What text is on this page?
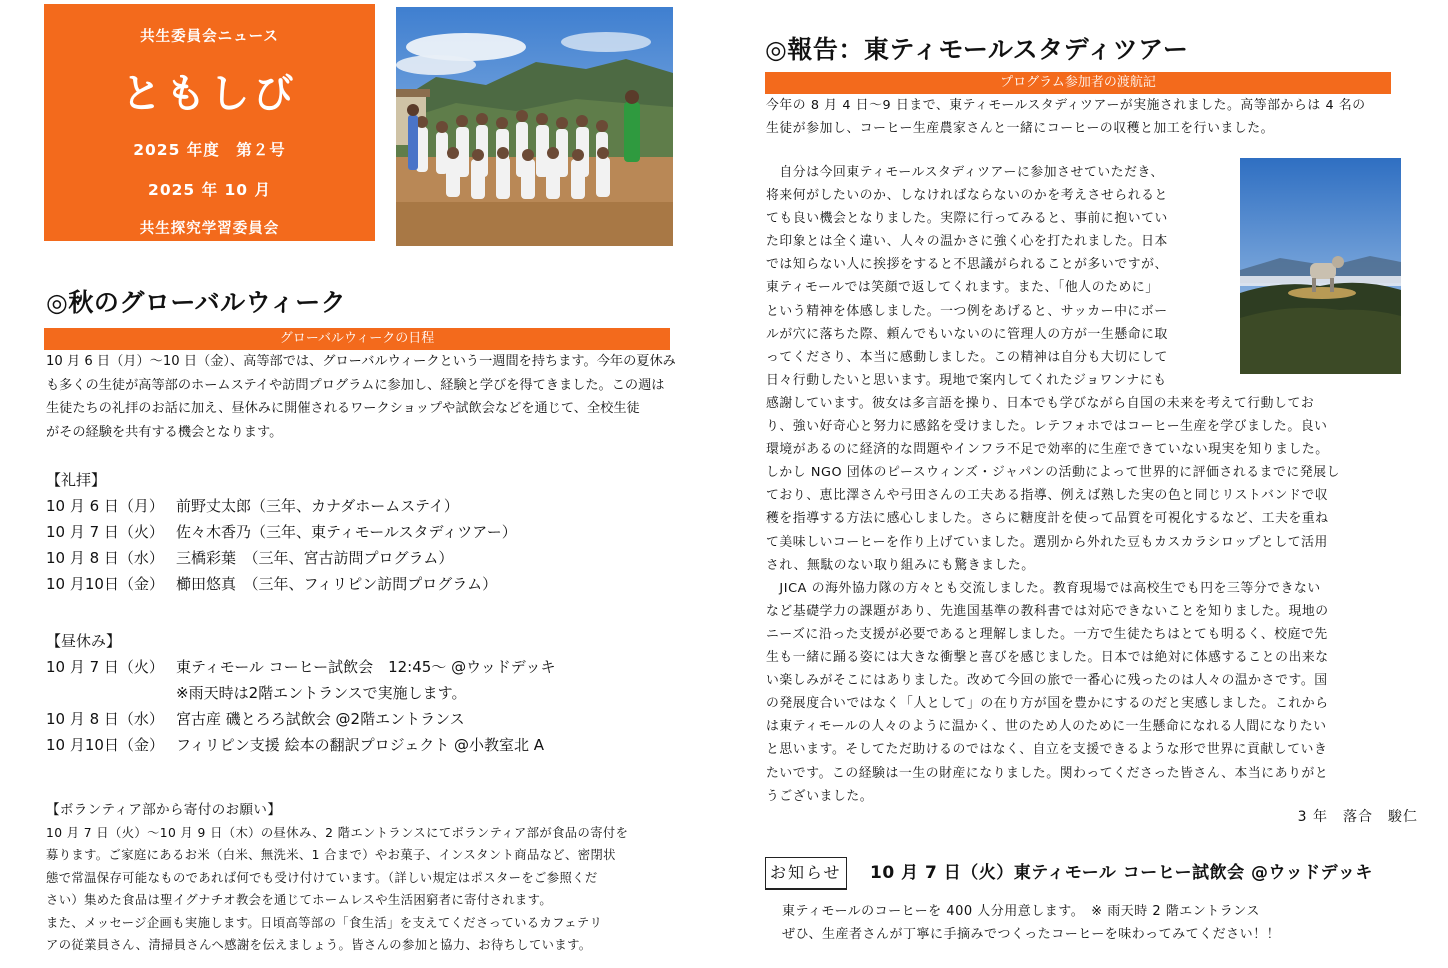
共生委員会ニュース
ともしび
2025 年度　第２号
2025 年 10 月
共生探究学習委員会
◎秋のグローバルウィーク
グローバルウィークの日程
10 月 6 日（月）～10 日（金）、高等部では、グローバルウィークという一週間を持ちます。今年の夏休み
も多くの生徒が高等部のホームステイや訪問プログラムに参加し、経験と学びを得てきました。この週は
生徒たちの礼拝のお話に加え、昼休みに開催されるワークショップや試飲会などを通じて、全校生徒
がその経験を共有する機会となります。
【礼拝】
10 月 6 日（月） 前野丈太郎（三年、カナダホームステイ）
10 月 7 日（火） 佐々木香乃（三年、東ティモールスタディツアー）
10 月 8 日（水） 三橋彩葉　（三年、宮古訪問プログラム）
10 月10日（金） 櫛田悠真　（三年、フィリピン訪問プログラム）
【昼休み】
10 月 7 日（火） 東ティモール コーヒー試飲会　12:45～ @ウッドデッキ
※雨天時は2階エントランスで実施します。
10 月 8 日（水） 宮古産 磯とろろ試飲会 @2階エントランス
10 月10日（金） フィリピン支援 絵本の翻訳プロジェクト @小教室北 A
【ボランティア部から寄付のお願い】
10 月 7 日（火）～10 月 9 日（木）の昼休み、2 階エントランスにてボランティア部が食品の寄付を
募ります。ご家庭にあるお米（白米、無洗米、1 合まで）やお菓子、インスタント商品など、密閉状
態で常温保存可能なものであれば何でも受け付けています。（詳しい規定はポスターをご参照くだ
さい）集めた食品は聖イグナチオ教会を通じてホームレスや生活困窮者に寄付されます。
また、メッセージ企画も実施します。日頃高等部の「食生活」を支えてくださっているカフェテリ
アの従業員さん、清掃員さんへ感謝を伝えましょう。皆さんの参加と協力、お待ちしています。
◎報告：東ティモールスタディツアー
プログラム参加者の渡航記
今年の 8 月 4 日～9 日まで、東ティモールスタディツアーが実施されました。高等部からは 4 名の
生徒が参加し、コーヒー生産農家さんと一緒にコーヒーの収穫と加工を行いました。
　自分は今回東ティモールスタディツアーに参加させていただき、
将来何がしたいのか、しなければならないのかを考えさせられると
ても良い機会となりました。実際に行ってみると、事前に抱いてい
た印象とは全く違い、人々の温かさに強く心を打たれました。日本
では知らない人に挨拶をすると不思議がられることが多いですが、
東ティモールでは笑顔で返してくれます。また、「他人のために」
という精神を体感しました。一つ例をあげると、サッカー中にボー
ルが穴に落ちた際、頼んでもいないのに管理人の方が一生懸命に取
ってくださり、本当に感動しました。この精神は自分も大切にして
日々行動したいと思います。現地で案内してくれたジョワンナにも
感謝しています。彼女は多言語を操り、日本でも学びながら自国の未来を考えて行動してお
り、強い好奇心と努力に感銘を受けました。レテフォホではコーヒー生産を学びました。良い
環境があるのに経済的な問題やインフラ不足で効率的に生産できていない現実を知りました。
しかし NGO 団体のピースウィンズ・ジャパンの活動によって世界的に評価されるまでに発展し
ており、恵比澤さんや弓田さんの工夫ある指導、例えば熟した実の色と同じリストバンドで収
穫を指導する方法に感心しました。さらに糖度計を使って品質を可視化するなど、工夫を重ね
て美味しいコーヒーを作り上げていました。選別から外れた豆もカスカラシロップとして活用
され、無駄のない取り組みにも驚きました。
　JICA の海外協力隊の方々とも交流しました。教育現場では高校生でも円を三等分できない
など基礎学力の課題があり、先進国基準の教科書では対応できないことを知りました。現地の
ニーズに沿った支援が必要であると理解しました。一方で生徒たちはとても明るく、校庭で先
生も一緒に踊る姿には大きな衝撃と喜びを感じました。日本では絶対に体感することの出来な
い楽しみがそこにはありました。改めて今回の旅で一番心に残ったのは人々の温かさです。国
の発展度合いではなく「人として」の在り方が国を豊かにするのだと実感しました。これから
は東ティモールの人々のように温かく、世のため人のために一生懸命になれる人間になりたい
と思います。そしてただ助けるのではなく、自立を支援できるような形で世界に貢献していき
たいです。この経験は一生の財産になりました。関わってくださった皆さん、本当にありがと
うございました。
3 年　落合　駿仁
お知らせ 10 月 7 日（火）東ティモール コーヒー試飲会 @ウッドデッキ
東ティモールのコーヒーを 400 人分用意します。　※ 雨天時 2 階エントランス
ぜひ、生産者さんが丁寧に手摘みでつくったコーヒーを味わってみてください！！
